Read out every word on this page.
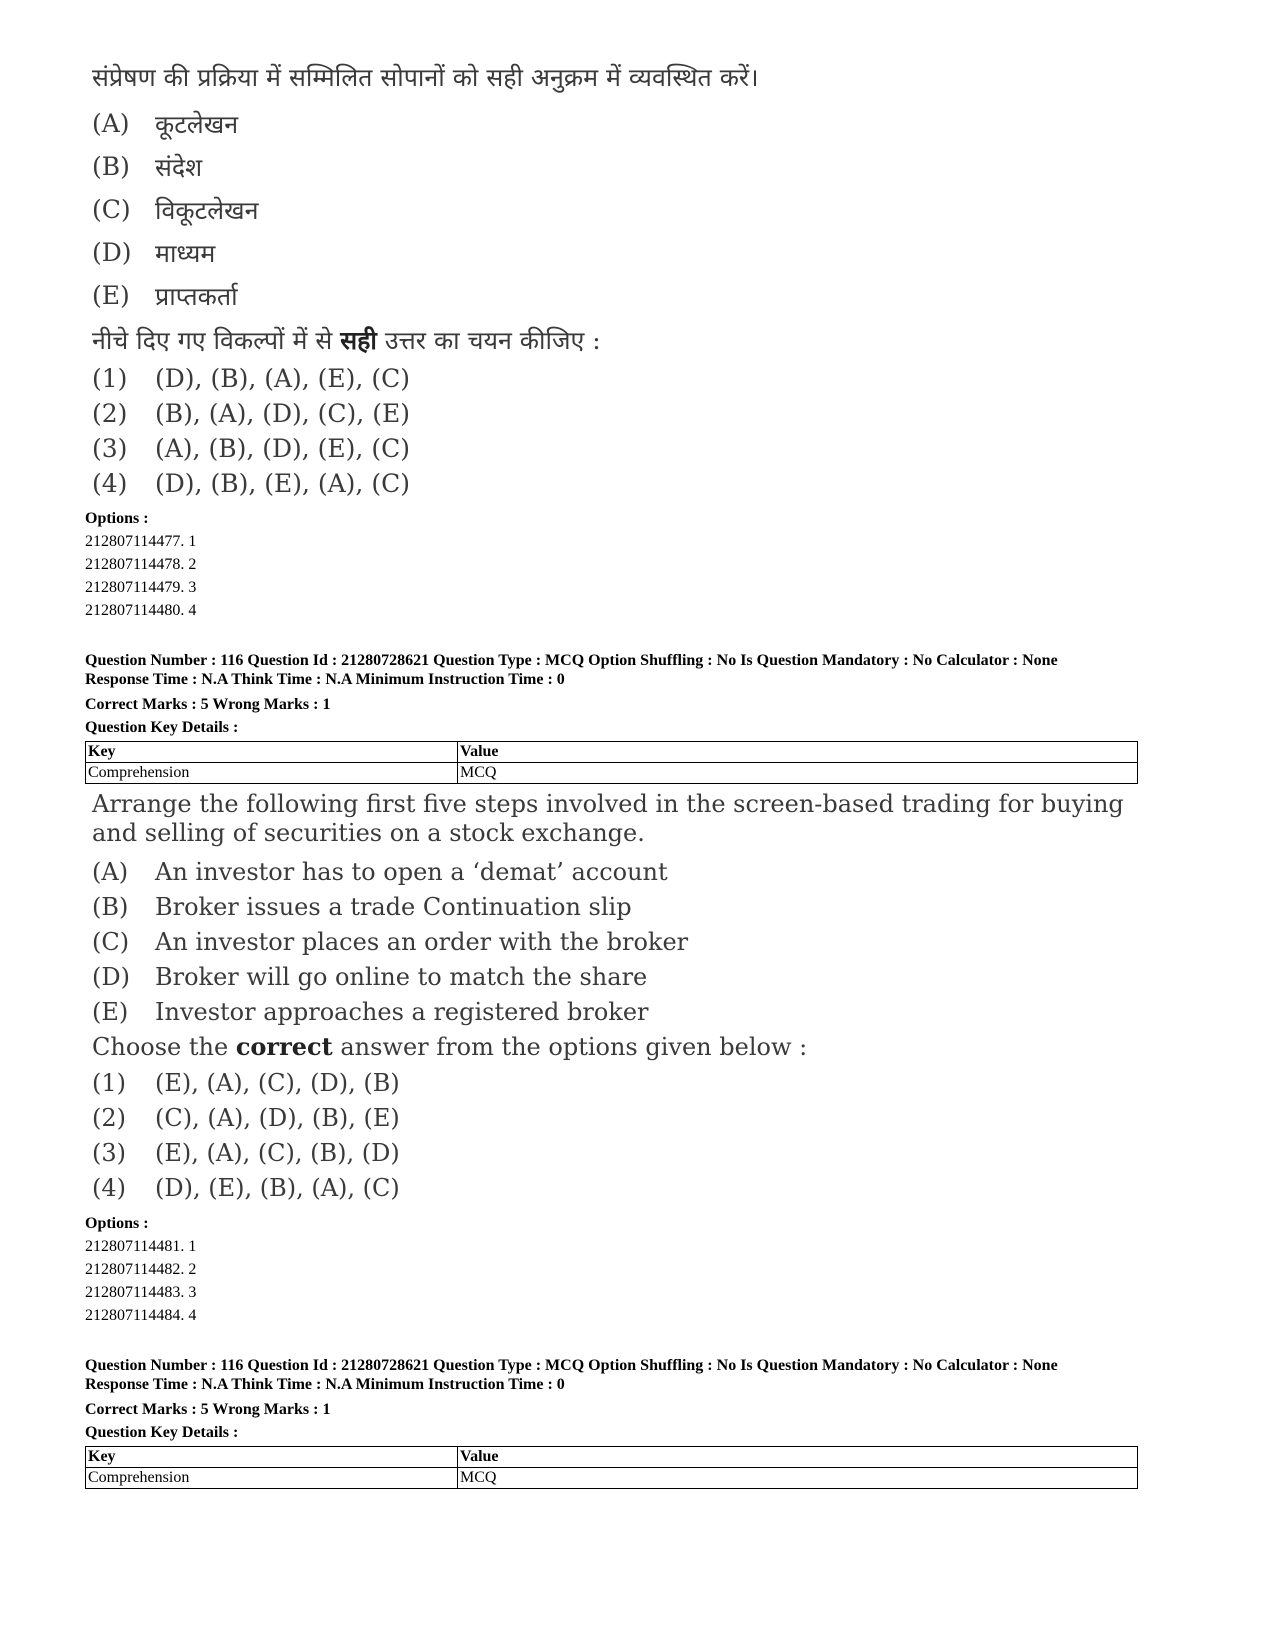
संप्रेषण की प्रक्रिया में सम्मिलित सोपानों को सही अनुक्रम में व्यवस्थित करें।
(A)	कूटलेखन
(B)	संदेश
(C) विकूटलेखन
(D) माध्यम
(E)	प्राप्तकर्ता
नीचे दिए गए विकल्पों में से सही उत्तर का चयन कीजिए :
(1)	(D), (B), (A), (E), (C)
(2)	(B), (A), (D), (C), (E)
(3)	(A), (B), (D), (E), (C)
(4)	(D), (B), (E), (A), (C)
Options :
212807114477. 1
212807114478. 2
212807114479. 3
212807114480. 4
Question Number : 116 Question Id : 21280728621 Question Type : MCQ Option Shuffling : No Is Question Mandatory : No Calculator : None
Response Time : N.A Think Time : N.A Minimum Instruction Time : 0
Correct Marks : 5 Wrong Marks : 1
Question Key Details :
Key	Value
Comprehension	MCQ
Arrange the following first five steps involved in the screen-based trading for buying and selling of securities on a stock exchange.
(A)	An investor has to open a ‘demat’ account
(B)	Broker issues a trade Continuation slip
(C)	An investor places an order with the broker
(D)	Broker will go online to match the share
(E)	Investor approaches a registered broker
Choose the correct answer from the options given below :
(1)	(E), (A), (C), (D), (B)
(2)	(C), (A), (D), (B), (E)
(3)	(E), (A), (C), (B), (D)
(4)	(D), (E), (B), (A), (C)
Options :
212807114481. 1
212807114482. 2
212807114483. 3
212807114484. 4
Question Number : 116 Question Id : 21280728621 Question Type : MCQ Option Shuffling : No Is Question Mandatory : No Calculator : None
Response Time : N.A Think Time : N.A Minimum Instruction Time : 0
Correct Marks : 5 Wrong Marks : 1
Question Key Details :
Key	Value
Comprehension	MCQ
